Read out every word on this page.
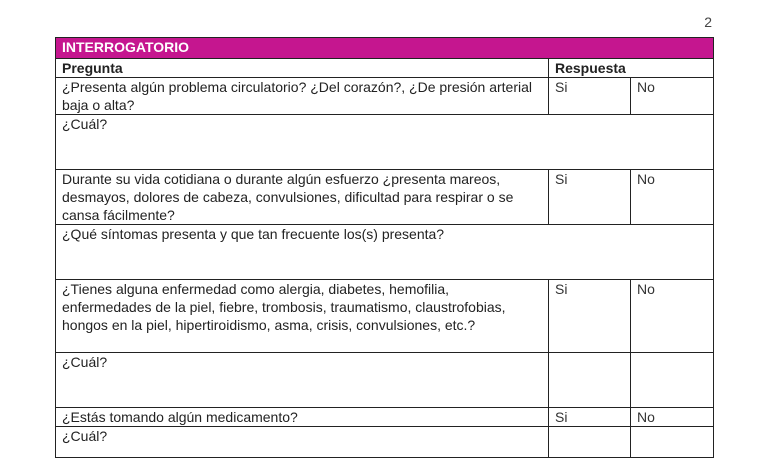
2
INTERROGATORIO		
Pregunta	Respuesta	
¿Presenta algún problema circulatorio? ¿Del corazón?, ¿De presión arterial baja o alta?	Si	No
¿Cuál?		
Durante su vida cotidiana o durante algún esfuerzo ¿presenta mareos, desmayos, dolores de cabeza, convulsiones, dificultad para respirar o se cansa fácilmente?	Si	No
¿Qué síntomas presenta y que tan frecuente los(s) presenta?		
¿Tienes alguna enfermedad como alergia, diabetes, hemofilia, enfermedades de la piel, fiebre, trombosis, traumatismo, claustrofobias, hongos en la piel, hipertiroidismo, asma, crisis, convulsiones, etc.?	Si	No
¿Cuál?		
¿Estás tomando algún medicamento?	Si	No
¿Cuál?		
